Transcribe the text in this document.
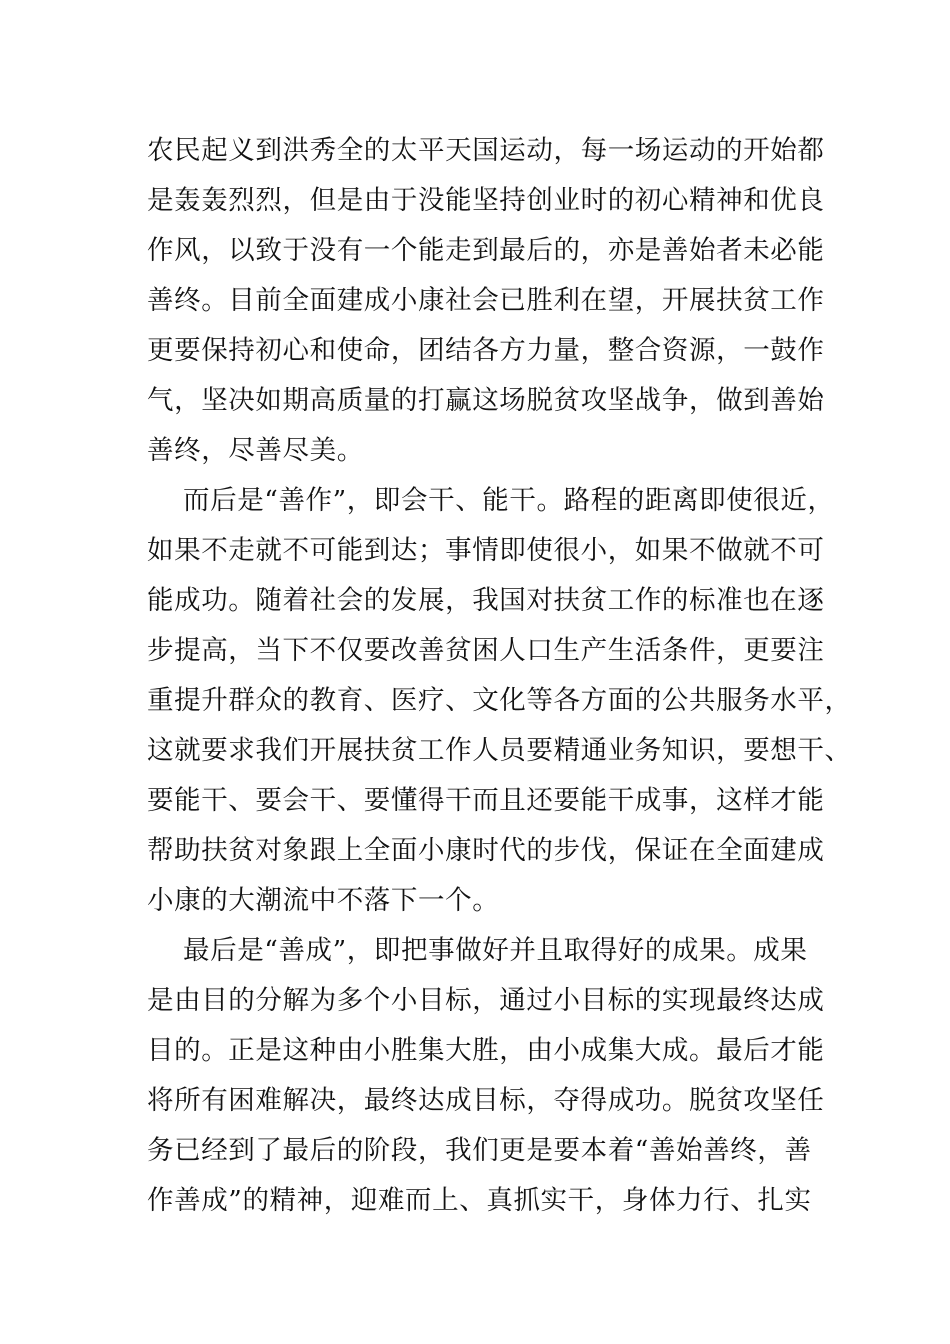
农民起义到洪秀全的太平天国运动，每一场运动的开始都
是轰轰烈烈，但是由于没能坚持创业时的初心精神和优良
作风，以致于没有一个能走到最后的，亦是善始者未必能
善终。目前全面建成小康社会已胜利在望，开展扶贫工作
更要保持初心和使命，团结各方力量，整合资源，一鼓作
气，坚决如期高质量的打赢这场脱贫攻坚战争，做到善始
善终，尽善尽美。
而后是“善作”，即会干、能干。路程的距离即使很近，
如果不走就不可能到达；事情即使很小，如果不做就不可
能成功。随着社会的发展，我国对扶贫工作的标准也在逐
步提高，当下不仅要改善贫困人口生产生活条件，更要注
重提升群众的教育、医疗、文化等各方面的公共服务水平，
这就要求我们开展扶贫工作人员要精通业务知识，要想干、
要能干、要会干、要懂得干而且还要能干成事，这样才能
帮助扶贫对象跟上全面小康时代的步伐，保证在全面建成
小康的大潮流中不落下一个。
最后是“善成”，即把事做好并且取得好的成果。成果
是由目的分解为多个小目标，通过小目标的实现最终达成
目的。正是这种由小胜集大胜，由小成集大成。最后才能
将所有困难解决，最终达成目标，夺得成功。脱贫攻坚任
务已经到了最后的阶段，我们更是要本着“善始善终，善
作善成”的精神，迎难而上、真抓实干，身体力行、扎实
